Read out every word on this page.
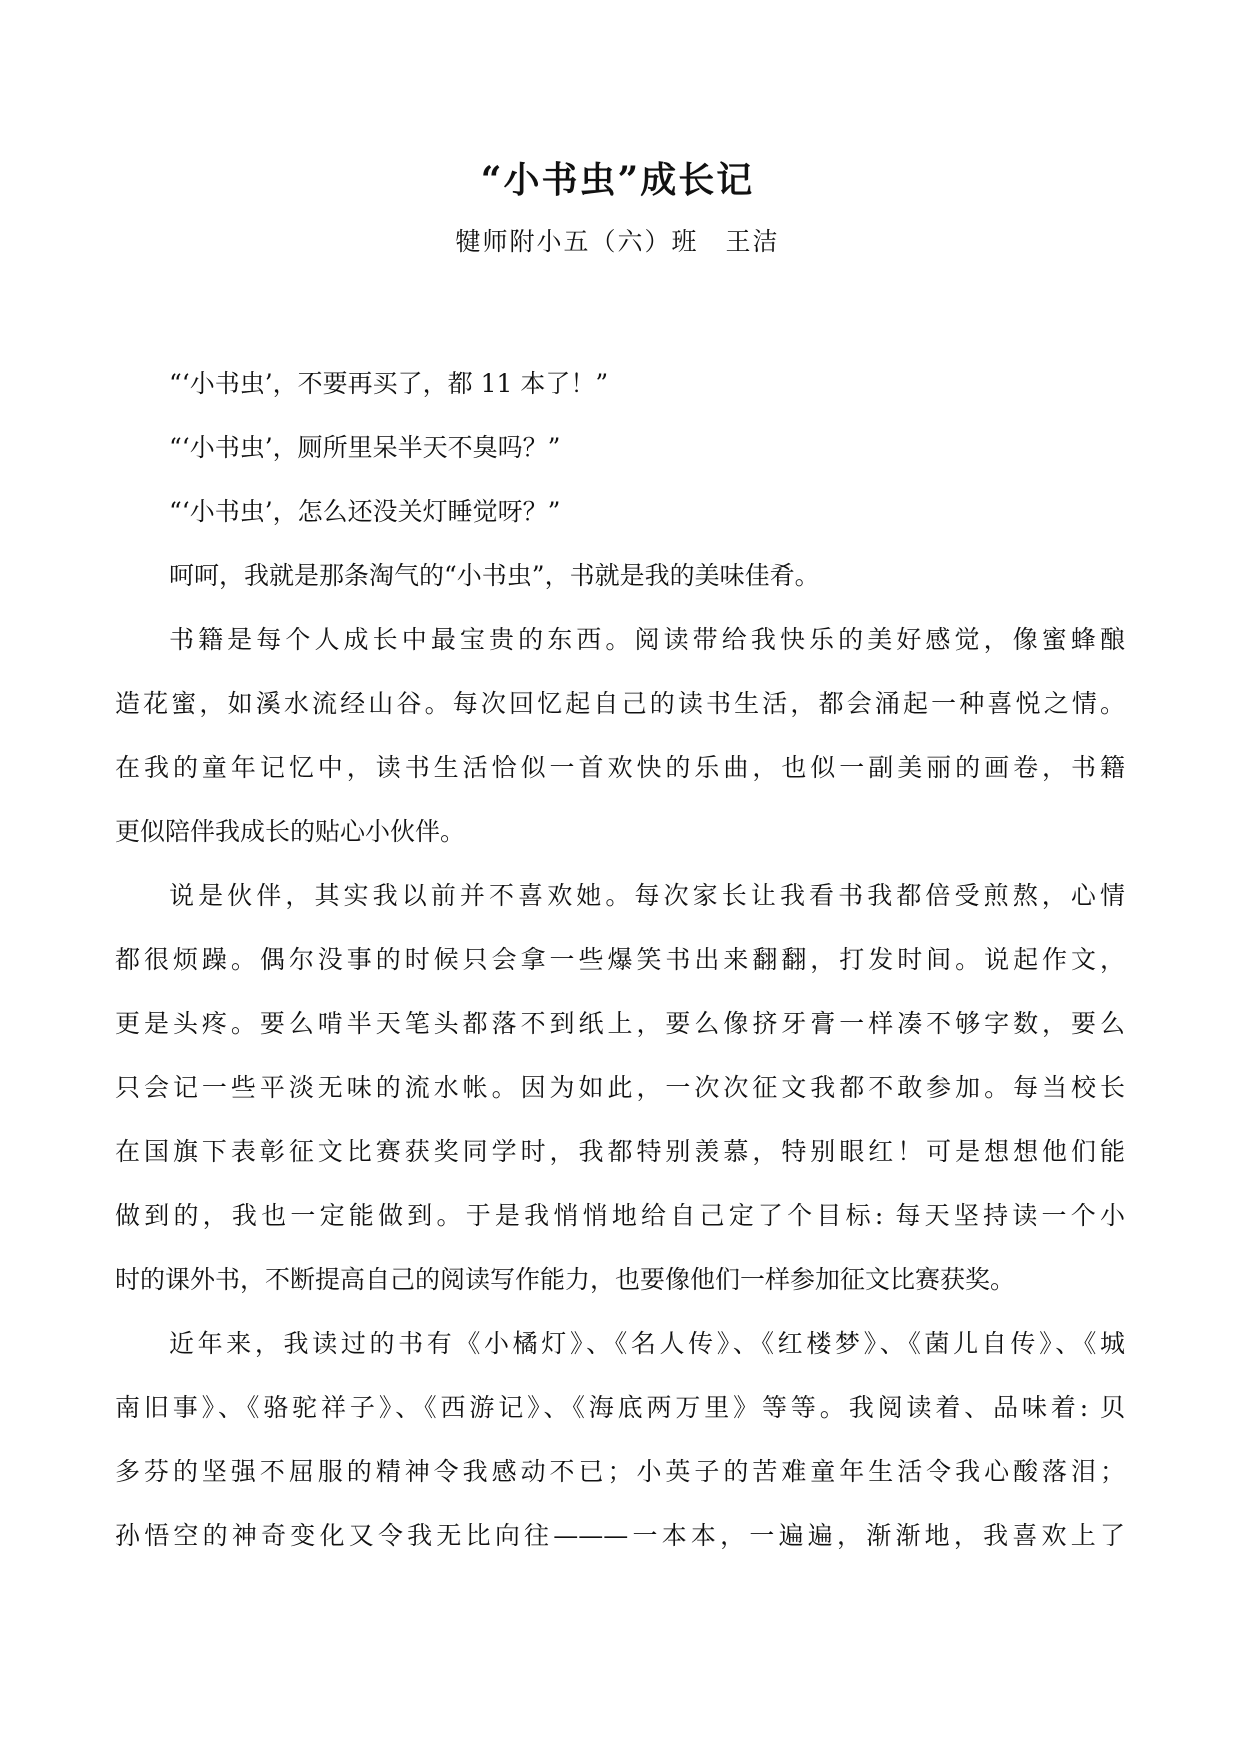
“小书虫”成长记
犍师附小五（六）班　王洁
“‘小书虫’，不要再买了，都 11 本了！”
“‘小书虫’，厕所里呆半天不臭吗？”
“‘小书虫’，怎么还没关灯睡觉呀？”
呵呵，我就是那条淘气的“小书虫”，书就是我的美味佳肴。
书籍是每个人成长中最宝贵的东西。阅读带给我快乐的美好感觉，像蜜蜂酿
造花蜜，如溪水流经山谷。每次回忆起自己的读书生活，都会涌起一种喜悦之情。
在我的童年记忆中，读书生活恰似一首欢快的乐曲，也似一副美丽的画卷，书籍
更似陪伴我成长的贴心小伙伴。
说是伙伴，其实我以前并不喜欢她。每次家长让我看书我都倍受煎熬，心情
都很烦躁。偶尔没事的时候只会拿一些爆笑书出来翻翻，打发时间。说起作文，
更是头疼。要么啃半天笔头都落不到纸上，要么像挤牙膏一样凑不够字数，要么
只会记一些平淡无味的流水帐。因为如此，一次次征文我都不敢参加。每当校长
在国旗下表彰征文比赛获奖同学时，我都特别羡慕，特别眼红！可是想想他们能
做到的，我也一定能做到。于是我悄悄地给自己定了个目标: 每天坚持读一个小
时的课外书，不断提高自己的阅读写作能力，也要像他们一样参加征文比赛获奖。
近年来，我读过的书有《小橘灯》、《名人传》、《红楼梦》、《菌儿自传》、《城
南旧事》、《骆驼祥子》、《西游记》、《海底两万里》等等。我阅读着、品味着: 贝
多芬的坚强不屈服的精神令我感动不已；小英子的苦难童年生活令我心酸落泪；
孙悟空的神奇变化又令我无比向往———一本本，一遍遍，渐渐地，我喜欢上了
